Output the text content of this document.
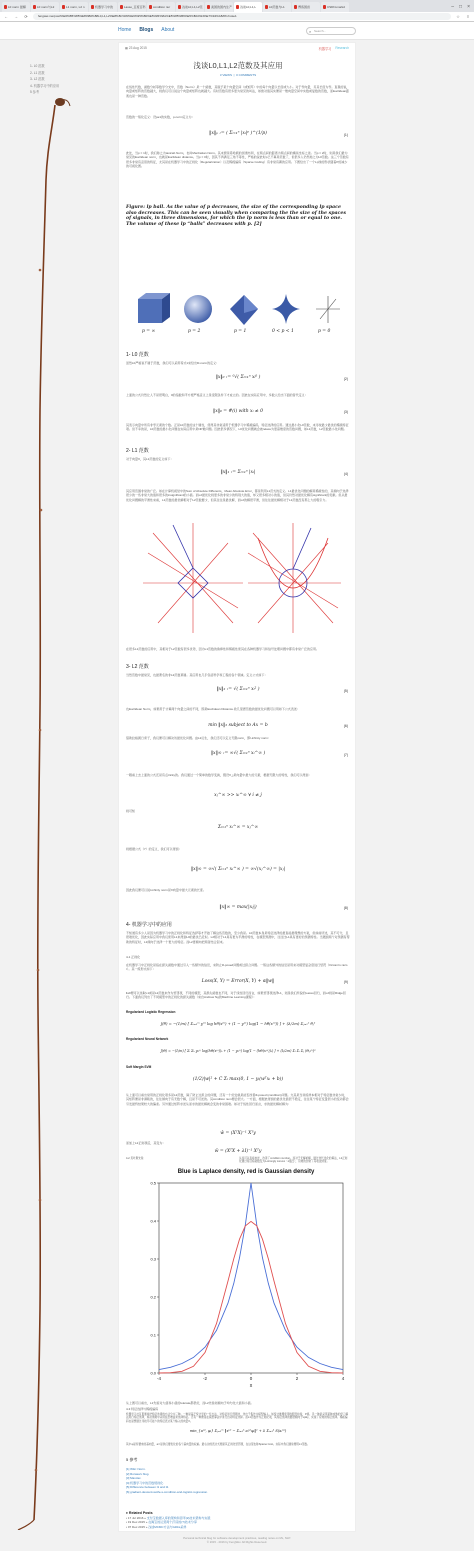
L0 norm 最解	L0 norm与L2	L1 norm, L2 n	机器学习中的	Lasso_百度百科	condition nur	浅谈L0,L1,L2范	美国的国内生产	浅谈L0,L1,L	L0范数与L1	博客园首	CSDN-markd	– □ ×
← →	⟳	fengwei.me/post/%E6%B5%85%E8%B0%88L0,L1,L2%E8%8C%83%E6%95%B0%E5%8F%8A%E5%85%B6%E5%BA%94%E7%94%A8/#fn:fnote1	☆	≡
Home Blogs About	⌕ Search...
1- L0 范数
2- L1 范数
3- L2 范数
4- 机器学习中的应用
5 参考
▦ 23 Aug 2015	机器学习 Research
浅谈L0,L1,L2范数及其应用
3 VIEWS  |  0 COMMENTS
在线性代数，函数分析等数学分支中，范数（Norm）是一个函数，其赋予某个向量空间（或矩阵）中的每个向量以长度或大小。对于零向量，另其长度为零。直观的说，向量或矩阵的范数越大，则我们可以说这个向量或矩阵也就越大。有时范数有很多更为常见的叫法，如绝对值其实便是一维向量空间中实数或复数的范数，而Euclidean距离也是一种范数。
范数的一般化定义：设p≥1的实数，p-norm定义为：
‖x‖ₚ := ( Σᵢ₌₁ⁿ |xᵢ|ᵖ )^(1/p)	(1)
此处，当p = 1时，我们称之为taxicab Norm，也叫Manhattan Norm。其来源是曼哈顿的街道布局，在两点间的距离为两点间的横纵坐标之差。当p = 2时，则是我们最为常见的Euclidean norm，也就是Euclidean distance。当p = 0时，因其不再满足三角不等性，严格的说此时p已不算是范数了，但很多人仍然称之为L0范数。这三个范数有很多非常有意思的特征，尤其是在机器学习中的正则化（Regularization）以及稀疏编码（Sparse Coding）有非常有趣的应用。下图给出了一个Lp球的形状随着P的减少的可视化图。
Figure: lp ball. As the value of p decreases, the size of the corresponding lp space also decreases. This can be seen visually when comparing the the size of the spaces of signals, in three dimensions, for which the lp norm is less than or equal to one. The volume of these lp “balls” decreases with p. [2]
p = ∞	p = 2	p = 1	0 < p < 1	p = 0
1- L0 范数
虽然L0严格说不属于范数，我们可以采用等式1来给出l0-norm的定义：
‖x‖₀ := ⁰√( Σᵢ₌₁ⁿ xᵢ⁰ )	(2)
上面的公式仍然让人不是很明白，0的指数和平方根严格意义上是受限条件下才成立的。因此在实际应用中，多数人给出下面的替代定义：
‖x‖₀ = #(i) with xᵢ ≠ 0	(3)
其表示向量中所有非零元素的个数。正是L0范数的这个属性，使得其非常适用于机器学习中稀疏编码，特征选择的应用。通过最小化L0范数，来寻找最少最优的稀疏特征项。但不幸的是，L0范数的最小化问题在实际应用中是NP难问题。因此很多情况下，L0优化问题就会被relaxe为更高维度的范数问题，如L1范数，L2范数最小化问题。
2- L1 范数
对于向量X，其L1范数的定义如下：
‖x‖₁ := Σᵢ₌₁ⁿ |xᵢ|	(4)
其应用范围非常的广泛。如在计算机视觉中的Sum of Absolute Differents，Mean Absolute Error，都是利用L1范式的定义。L1最优化问题的解是稀疏性的，其倾向于选择很少的一些非常大的值和很多的insignificant的小值。而L2最优化则更多的非常少的特别大的值，却又很多相对小的值，但其仍然对最优化解有significant的贡献。但从最优化问题解的平滑性来看，L1范数的最优解相对于L2范数要少，但其往往是最优解，而L2的解很平滑，但往往最优解相对于L1范数没有那么大的吸引力。
在很多L1范数的应用中，其相对于L2范数有很多优势，因为L1范数的鲁棒性和稀疏性使其在各种机器学习和信号处理问题中都有非常广泛的应用。
3- L2 范数
当然范数中最常见，也最著名的非L2范数莫属。其应用也几乎包括科学和工程的各个领域。定义公式如下：
‖x‖₂ := √( Σᵢ₌₁ⁿ xᵢ² )	(5)
也Euclidean Norm，如果用于计算两个向量之间的不同，即是Euclidean Distance.欧几里德范数的最优化问题可以用如下公式表述：
min ‖x‖₂ subject to Ax = b	(6)
借助拉格朗日乘子，我们便可以解决该最优化问题。由L2衍生，我们还可以定义无限norm，即l-infinity norm：
‖x‖∞ := ∞√( Σᵢ₌₁ⁿ xᵢ^∞ )	(7)
一眼看上去上面的公式还是有点tricky的。我们通过一个简单的数学变换，假设X_j是向量中最大的元素，根据无限大的特性，我们可以得到：
xⱼ^∞ >> xᵢ^∞ ∀ i ≠ j
则可知
Σᵢ₌₁ⁿ xᵢ^∞ = xⱼ^∞
则根据公式（7）的定义，我们可以得到：
‖x‖∞ = ∞√( Σᵢ₌₁ⁿ xᵢ^∞ ) = ∞√(xⱼ^∞) = |xⱼ|
因此我们便可以说l-infinity norm是X向量中最大元素的长度。
‖x‖∞ = max(|xⱼ|)	(8)
4- 机器学习中的应用
不知道有多少人是因为机器学习中的正则化和特征选择等才开始了解这些范数的，至少我是。L0范数本身是特征选择的最直接最理想的方案，但如前所述，其不可分，且很难优化，因此实际应用中我们使用L1来得到L0的最优凸近似。L2相对于L1具有更为平滑的特性，在模型预测中，往往比L1具有更好的预测特性。当遇到两个对预测有帮助的特征时，L1倾向于选择一个更大的特征。而L2更倾向把两者结合起来。
4-1 正则化
在机器学习中正则化是指在损失函数中通过引入一些额外的信息，来防止ill-posed问题或过拟合问题。一般这些额外的信息是用来对模型复杂度进行惩罚（Occam's razor）。其一般形式如下：
Loss(X, Y) = Error(X, Y) + α‖w‖	(9)
‖w‖便可以选取L1或是L2范数来作为惩罚项，不同的模型，其损失函数也不同，对于线性回归而言，如果惩罚项选择L1，则是我们所说的Lasso回归，而L2则是Ridge回归。下面我们列出了不同模型中的正则化的损失函数（来自Andrew Ng的Machine Learning课程）：
Regularized Logistic Regression
J(θ) = −(1/m) [ Σᵢ₌₁ᵐ y⁽ⁱ⁾ log hθ(x⁽ⁱ⁾) + (1 − y⁽ⁱ⁾) log(1 − hθ(x⁽ⁱ⁾)) ] + (λ/2m) Σⱼ₌₁ⁿ θⱼ²
Regularized Neural Network
J(Θ) = −(1/m) [ Σᵢ Σₖ yₖ⁽ⁱ⁾ log(hΘ(x⁽ⁱ⁾))ₖ + (1 − yₖ⁽ⁱ⁾) log(1 − (hΘ(x⁽ⁱ⁾))ₖ) ] + (λ/2m) Σₗ Σᵢ Σⱼ (Θⱼᵢ⁽ˡ⁾)²
Soft Margin SVM
(1/2)|w|² + C Σᵢ max(0, 1 − yᵢ(wᵀxᵢ + b))
从上面可以看出常用的正则化项多是L2范数，除了防止过拟合的问题，还有一个好处就是能否改善ill-posed (condition)问题。尤其是当训练样本相对于特征数非常少时，其矩阵便是非满秩的，往往倾向于有无数个解，且是不可逆的。其condition num便会很大。一方面，根据此得到的最优化值很不稳定，往往某个特征变量很小的变动都会引发最终结果较大的偏差。另外通过矩阵求逆从而求的最优解就会变的非常困难。如对于线性回归而言，求的最优解析解为：
ŵ = (XᵀX)⁻¹ Xᵀy
而加上L2正则项后，其变为：
ŵ = (XᵀX + λI)⁻¹ Xᵀy
从而可以直接求逆，改善了condition number。而对于无解析解，通过迭代优化的算法，L2正则化通过将目标函数变为λ-strongly convex（λ强凸），有效的加快了其收敛速度。
4-2 贝叶斯先验
Blue is Laplace density, red is Gaussian density
-4	-2	0	2	4
0.0
0.1
0.2
0.3
0.4
0.5
x
从上图可以看出，L1先验对大值和小值的tolerate都很好，而L2先验则倾向于均匀化大值和小值。
4-3 特征选择与稀疏编码
机器学习社区里通常把特征选择的方法分为三种。一种是基于统计学的一些方法，对特征进行预筛选，选出子集作为模型输入。如统计推理使用的假设检验，P值。另一种是采用某种成熟的学习算法进行特征选择，如决策树中采用信息增益来选择特征。还有一种便是在模型算法中进行自动特征选择。而L1范数作为正则化项，其特征选择的图谱倾向于spiky，实现了有效的特征选择。稀疏编码也是想通过寻找尽可能少的特征表达某个输入的向量X。
min_{a⁽ʲ⁾, φᵢ} Σⱼ₌₁ᵐ ‖x⁽ʲ⁾ − Σᵢ₌₁ᵏ aᵢ⁽ʲ⁾φᵢ‖² + λ Σᵢ₌₁ᵏ S(aᵢ⁽ʲ⁾)
其中φᵢ是所要求的基向量，aᵢ⁽ʲ⁾是我们要优化的各个基向量的权重。最右边的表达式便是其正则化惩罚项，在这里也称Sparse Cost。实际中我们通常便用L1范数。
5 参考
[1] Wiki: Norm.
[2] Rorasa's blog.
[3] MaxJax.
[4] 机器学习中的范数规则化.
[5] Difference between l1 and l2.
[6] gradient-descent-wolfe-s-condition-and-logistic-regression.
♦ Related Posts
• 17 Jul 2016 » 支付宝数据入库的架构和思考(2)技术架构与实践
• 19 Dec 2015 » 在淘宝的运营两个打造的(?)技术分享
• 07 Dec 2015 » 浅谈MCMC方法与Gibbs采样
Personal technical blog for software development practices, reading notes on ML, NLP.
© 2015 - 2016 by FengWei. All Rights Reserved.
